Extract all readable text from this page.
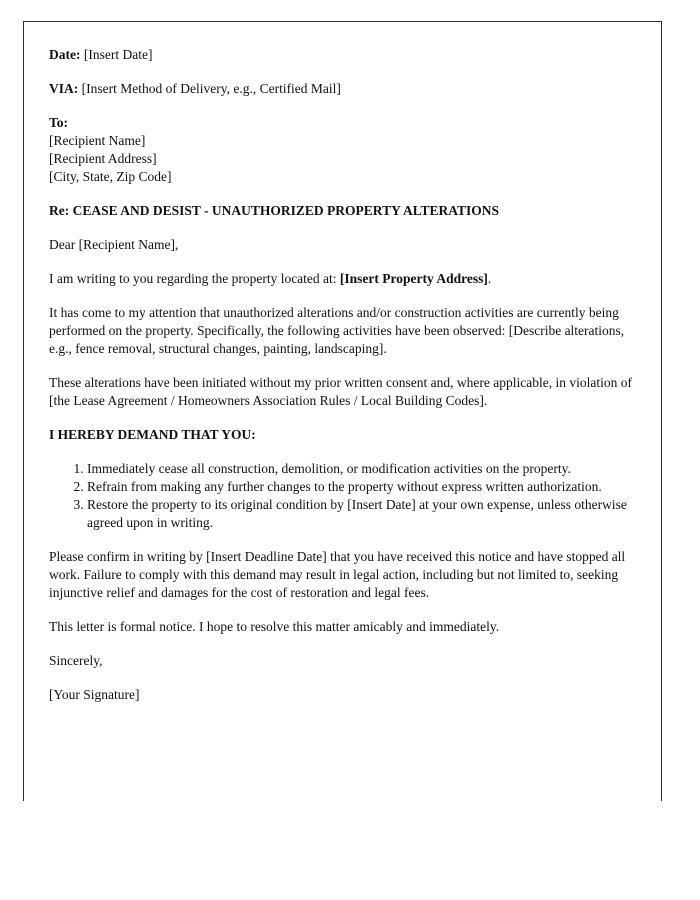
Date: [Insert Date]

VIA: [Insert Method of Delivery, e.g., Certified Mail]

To:
[Recipient Name]
[Recipient Address]
[City, State, Zip Code]

Re: CEASE AND DESIST - UNAUTHORIZED PROPERTY ALTERATIONS

Dear [Recipient Name],

I am writing to you regarding the property located at: [Insert Property Address].

It has come to my attention that unauthorized alterations and/or construction activities are currently being performed on the property. Specifically, the following activities have been observed: [Describe alterations, e.g., fence removal, structural changes, painting, landscaping].

These alterations have been initiated without my prior written consent and, where applicable, in violation of [the Lease Agreement / Homeowners Association Rules / Local Building Codes].

I HEREBY DEMAND THAT YOU:

1. Immediately cease all construction, demolition, or modification activities on the property.
2. Refrain from making any further changes to the property without express written authorization.
3. Restore the property to its original condition by [Insert Date] at your own expense, unless otherwise agreed upon in writing.

Please confirm in writing by [Insert Deadline Date] that you have received this notice and have stopped all work. Failure to comply with this demand may result in legal action, including but not limited to, seeking injunctive relief and damages for the cost of restoration and legal fees.

This letter is formal notice. I hope to resolve this matter amicably and immediately.

Sincerely,

[Your Signature]
